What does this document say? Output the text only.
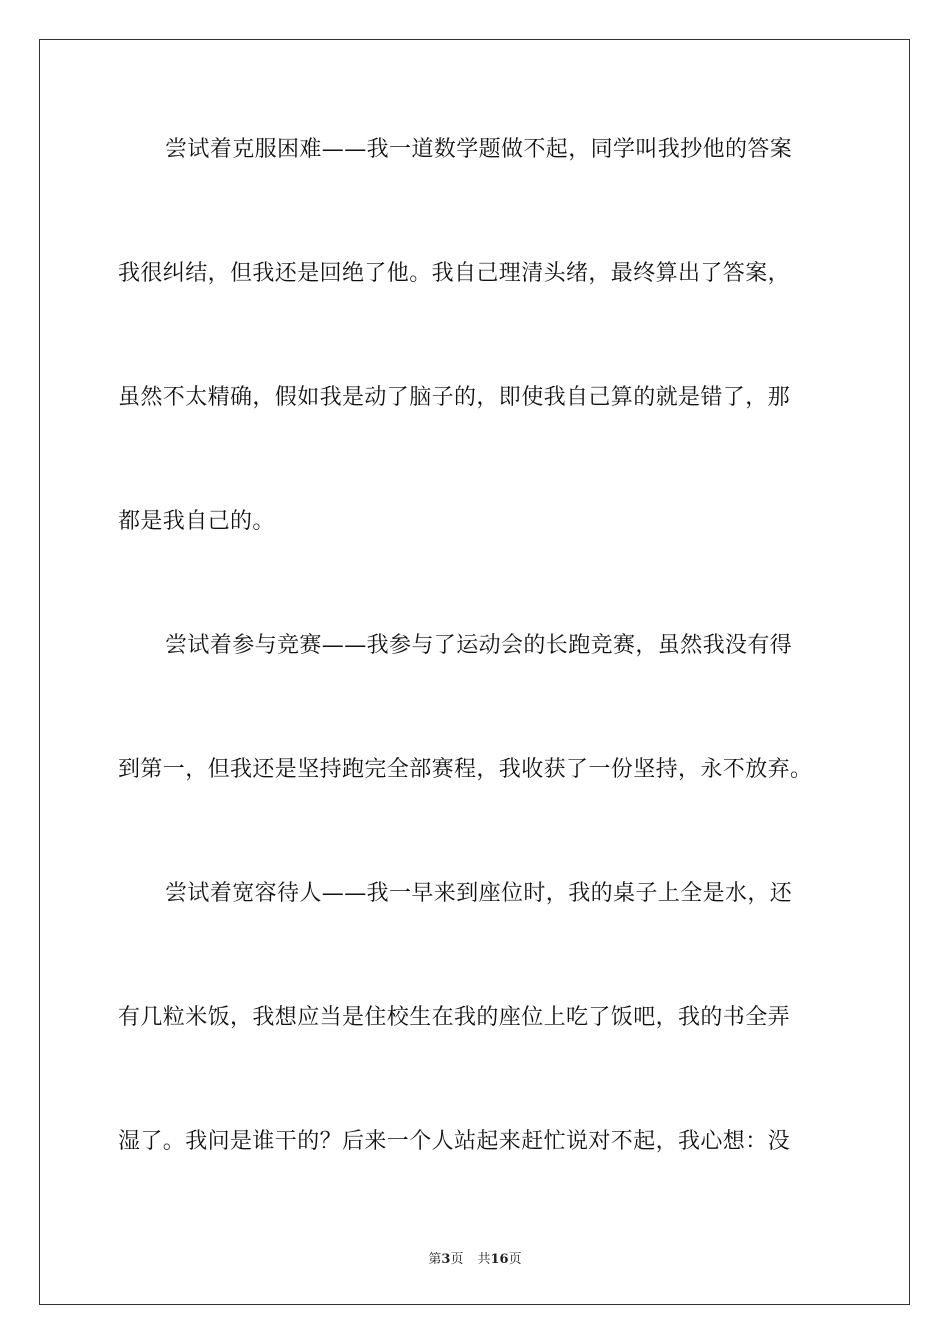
尝试着克服困难——我一道数学题做不起，同学叫我抄他的答案
我很纠结，但我还是回绝了他。我自己理清头绪，最终算出了答案，
虽然不太精确，假如我是动了脑子的，即使我自己算的就是错了，那
都是我自己的。
尝试着参与竞赛——我参与了运动会的长跑竞赛，虽然我没有得
到第一，但我还是坚持跑完全部赛程，我收获了一份坚持，永不放弃。
尝试着宽容待人——我一早来到座位时，我的桌子上全是水，还
有几粒米饭，我想应当是住校生在我的座位上吃了饭吧，我的书全弄
湿了。我问是谁干的？后来一个人站起来赶忙说对不起，我心想：没
第3页 共16页
